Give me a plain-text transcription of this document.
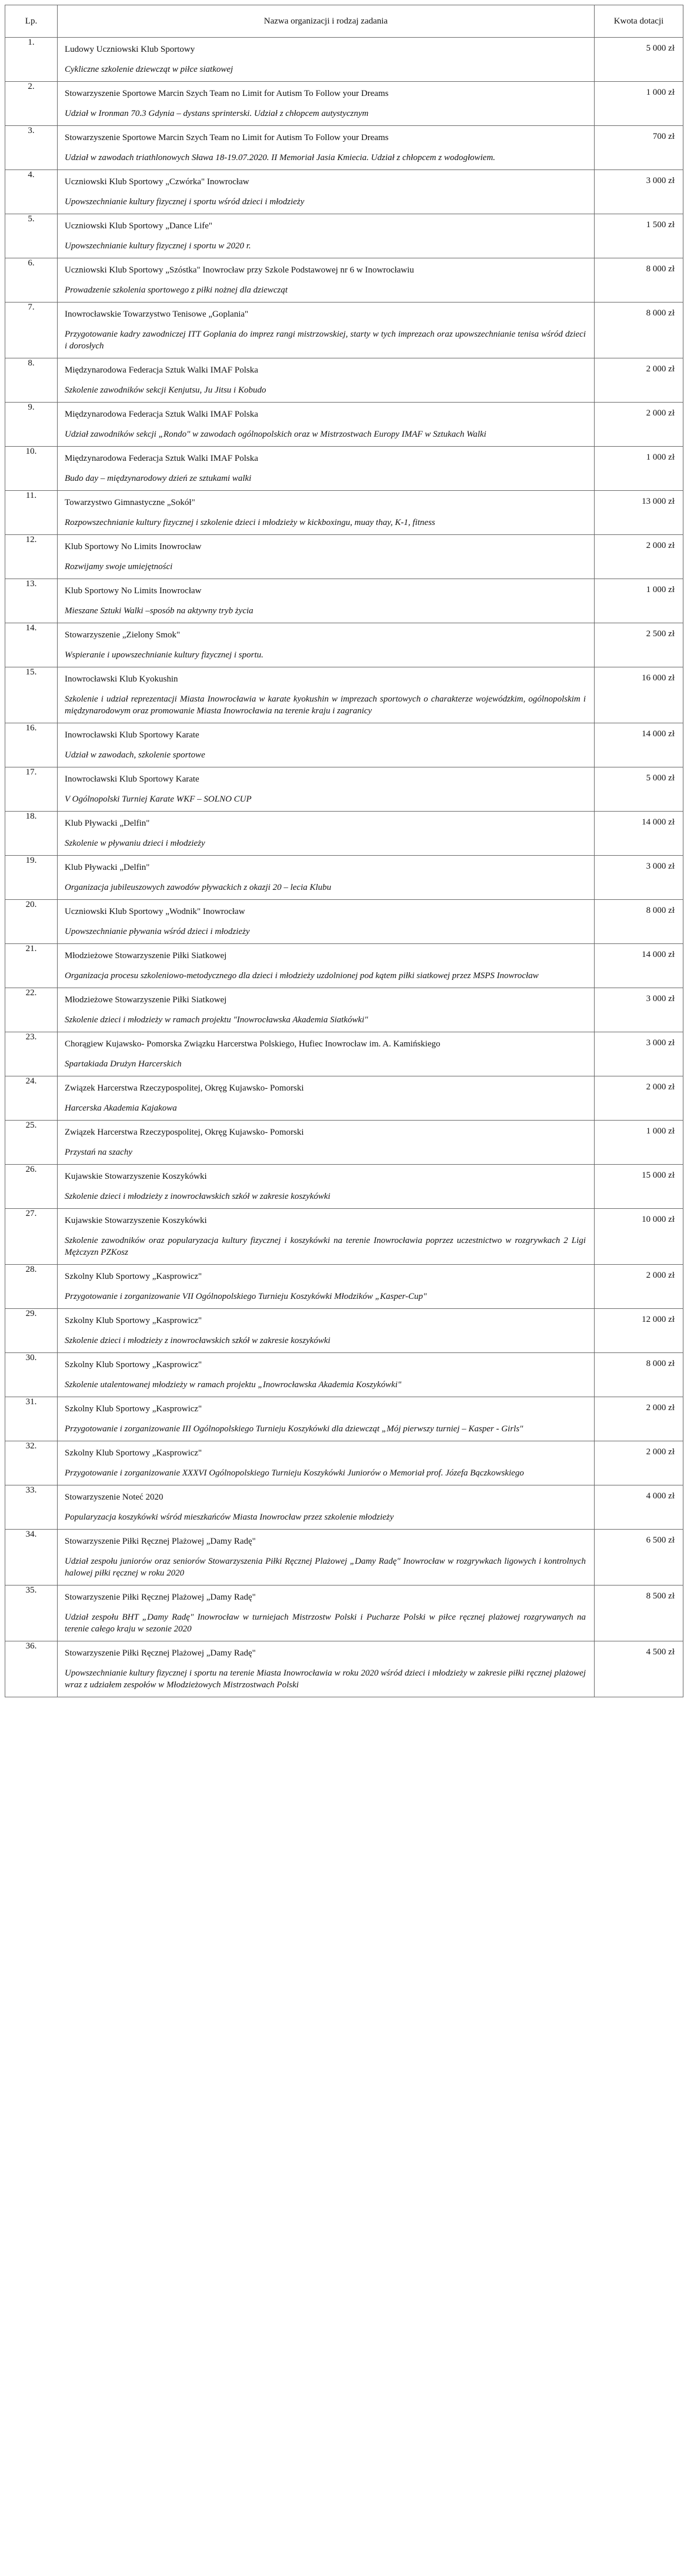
Lp.	Nazwa organizacji i rodzaj zadania	Kwota dotacji
1.	Ludowy Uczniowski Klub Sportowy
Cykliczne szkolenie dziewcząt w piłce siatkowej	5 000 zł
2.	Stowarzyszenie Sportowe Marcin Szych Team no Limit for Autism To Follow your Dreams
Udział w Ironman 70.3 Gdynia – dystans sprinterski. Udział z chłopcem autystycznym	1 000 zł
3.	Stowarzyszenie Sportowe Marcin Szych Team no Limit for Autism To Follow your Dreams
Udział w zawodach triathlonowych Sława 18-19.07.2020. II Memoriał Jasia Kmiecia. Udział z chłopcem z wodogłowiem.	700 zł
4.	Uczniowski Klub Sportowy „Czwórka" Inowrocław
Upowszechnianie kultury fizycznej i sportu wśród dzieci i młodzieży	3 000 zł
5.	Uczniowski Klub Sportowy „Dance Life"
Upowszechnianie kultury fizycznej i sportu w 2020 r.	1 500 zł
6.	Uczniowski Klub Sportowy „Szóstka" Inowrocław przy Szkole Podstawowej nr 6 w Inowrocławiu
Prowadzenie szkolenia sportowego z piłki nożnej dla dziewcząt	8 000 zł
7.	Inowrocławskie Towarzystwo Tenisowe „Goplania"
Przygotowanie kadry zawodniczej ITT Goplania do imprez rangi mistrzowskiej, starty w tych imprezach oraz upowszechnianie tenisa wśród dzieci i dorosłych	8 000 zł
8.	Międzynarodowa Federacja Sztuk Walki IMAF Polska
Szkolenie zawodników sekcji Kenjutsu, Ju Jitsu i Kobudo	2 000 zł
9.	Międzynarodowa Federacja Sztuk Walki IMAF Polska
Udział zawodników sekcji „Rondo" w zawodach ogólnopolskich oraz w Mistrzostwach Europy IMAF w Sztukach Walki	2 000 zł
10.	Międzynarodowa Federacja Sztuk Walki IMAF Polska
Budo day – międzynarodowy dzień ze sztukami walki	1 000 zł
11.	Towarzystwo Gimnastyczne „Sokół"
Rozpowszechnianie kultury fizycznej i szkolenie dzieci i młodzieży w kickboxingu, muay thay, K-1, fitness	13 000 zł
12.	Klub Sportowy No Limits Inowrocław
Rozwijamy swoje umiejętności	2 000 zł
13.	Klub Sportowy No Limits Inowrocław
Mieszane Sztuki Walki –sposób na aktywny tryb życia	1 000 zł
14.	Stowarzyszenie „Zielony Smok"
Wspieranie i upowszechnianie kultury fizycznej i sportu.	2 500 zł
15.	Inowrocławski Klub Kyokushin
Szkolenie i udział reprezentacji Miasta Inowrocławia w karate kyokushin w imprezach sportowych o charakterze wojewódzkim, ogólnopolskim i międzynarodowym oraz promowanie Miasta Inowrocławia na terenie kraju i zagranicy	16 000 zł
16.	Inowrocławski Klub Sportowy Karate
Udział w zawodach, szkolenie sportowe	14 000 zł
17.	Inowrocławski Klub Sportowy Karate
V Ogólnopolski Turniej Karate WKF – SOLNO CUP	5 000 zł
18.	Klub Pływacki „Delfin"
Szkolenie w pływaniu dzieci i młodzieży	14 000 zł
19.	Klub Pływacki „Delfin"
Organizacja jubileuszowych zawodów pływackich z okazji 20 – lecia Klubu	3 000 zł
20.	Uczniowski Klub Sportowy „Wodnik" Inowrocław
Upowszechnianie pływania wśród dzieci i młodzieży	8 000 zł
21.	Młodzieżowe Stowarzyszenie Piłki Siatkowej
Organizacja procesu szkoleniowo-metodycznego dla dzieci i młodzieży uzdolnionej pod kątem piłki siatkowej przez MSPS Inowrocław	14 000 zł
22.	Młodzieżowe Stowarzyszenie Piłki Siatkowej
Szkolenie dzieci i młodzieży w ramach projektu "Inowrocławska Akademia Siatkówki"	3 000 zł
23.	Chorągiew Kujawsko- Pomorska Związku Harcerstwa Polskiego, Hufiec Inowrocław im. A. Kamińskiego
Spartakiada Drużyn Harcerskich	3 000 zł
24.	Związek Harcerstwa Rzeczypospolitej, Okręg Kujawsko- Pomorski
Harcerska Akademia Kajakowa	2 000 zł
25.	Związek Harcerstwa Rzeczypospolitej, Okręg Kujawsko- Pomorski
Przystań na szachy	1 000 zł
26.	Kujawskie Stowarzyszenie Koszykówki
Szkolenie dzieci i młodzieży z inowrocławskich szkół w zakresie koszykówki	15 000 zł
27.	Kujawskie Stowarzyszenie Koszykówki
Szkolenie zawodników oraz popularyzacja kultury fizycznej i koszykówki na terenie Inowrocławia poprzez uczestnictwo w rozgrywkach 2 Ligi Mężczyzn PZKosz	10 000 zł
28.	Szkolny Klub Sportowy „Kasprowicz"
Przygotowanie i zorganizowanie VII Ogólnopolskiego Turnieju Koszykówki Młodzików „Kasper-Cup"	2 000 zł
29.	Szkolny Klub Sportowy „Kasprowicz"
Szkolenie dzieci i młodzieży z inowrocławskich szkół w zakresie koszykówki	12 000 zł
30.	Szkolny Klub Sportowy „Kasprowicz"
Szkolenie utalentowanej młodzieży w ramach projektu „Inowrocławska Akademia Koszykówki"	8 000 zł
31.	Szkolny Klub Sportowy „Kasprowicz"
Przygotowanie i zorganizowanie III Ogólnopolskiego Turnieju Koszykówki dla dziewcząt „Mój pierwszy turniej – Kasper - Girls"	2 000 zł
32.	Szkolny Klub Sportowy „Kasprowicz"
Przygotowanie i zorganizowanie XXXVI Ogólnopolskiego Turnieju Koszykówki Juniorów o Memoriał prof. Józefa Bączkowskiego	2 000 zł
33.	Stowarzyszenie Noteć 2020
Popularyzacja koszykówki wśród mieszkańców Miasta Inowrocław przez szkolenie młodzieży	4 000 zł
34.	Stowarzyszenie Piłki Ręcznej Plażowej „Damy Radę"
Udział zespołu juniorów oraz seniorów Stowarzyszenia Piłki Ręcznej Plażowej „Damy Radę" Inowrocław w rozgrywkach ligowych i kontrolnych halowej piłki ręcznej w roku 2020	6 500 zł
35.	Stowarzyszenie Piłki Ręcznej Plażowej „Damy Radę"
Udział zespołu BHT „Damy Radę" Inowrocław w turniejach Mistrzostw Polski i Pucharze Polski w piłce ręcznej plażowej rozgrywanych na terenie całego kraju w sezonie 2020	8 500 zł
36.	Stowarzyszenie Piłki Ręcznej Plażowej „Damy Radę"
Upowszechnianie kultury fizycznej i sportu na terenie Miasta Inowrocławia w roku 2020 wśród dzieci i młodzieży w zakresie piłki ręcznej plażowej wraz z udziałem zespołów w Młodzieżowych Mistrzostwach Polski	4 500 zł
